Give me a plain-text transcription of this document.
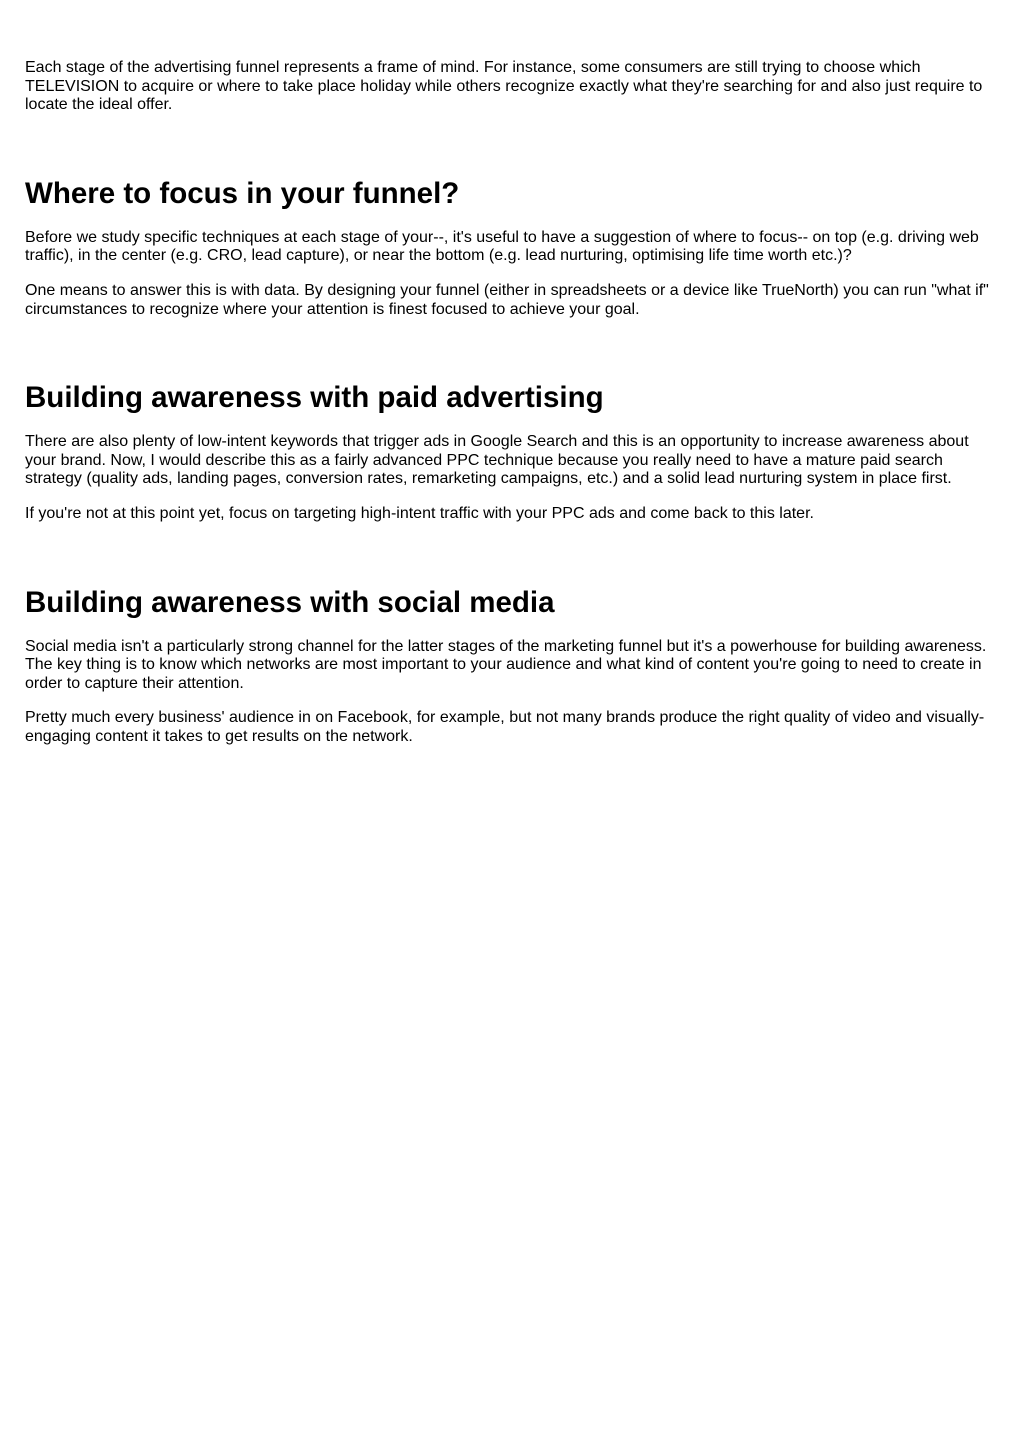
Each stage of the advertising funnel represents a frame of mind. For instance, some consumers are still trying to choose which TELEVISION to acquire or where to take place holiday while others recognize exactly what they're searching for and also just require to locate the ideal offer.

Where to focus in your funnel?

Before we study specific techniques at each stage of your--, it's useful to have a suggestion of where to focus-- on top (e.g. driving web traffic), in the center (e.g. CRO, lead capture), or near the bottom (e.g. lead nurturing, optimising life time worth etc.)?

One means to answer this is with data. By designing your funnel (either in spreadsheets or a device like TrueNorth) you can run "what if" circumstances to recognize where your attention is finest focused to achieve your goal.

Building awareness with paid advertising

There are also plenty of low-intent keywords that trigger ads in Google Search and this is an opportunity to increase awareness about your brand. Now, I would describe this as a fairly advanced PPC technique because you really need to have a mature paid search strategy (quality ads, landing pages, conversion rates, remarketing campaigns, etc.) and a solid lead nurturing system in place first.

If you're not at this point yet, focus on targeting high-intent traffic with your PPC ads and come back to this later.

Building awareness with social media

Social media isn't a particularly strong channel for the latter stages of the marketing funnel but it's a powerhouse for building awareness. The key thing is to know which networks are most important to your audience and what kind of content you're going to need to create in order to capture their attention.

Pretty much every business' audience in on Facebook, for example, but not many brands produce the right quality of video and visually-engaging content it takes to get results on the network.
